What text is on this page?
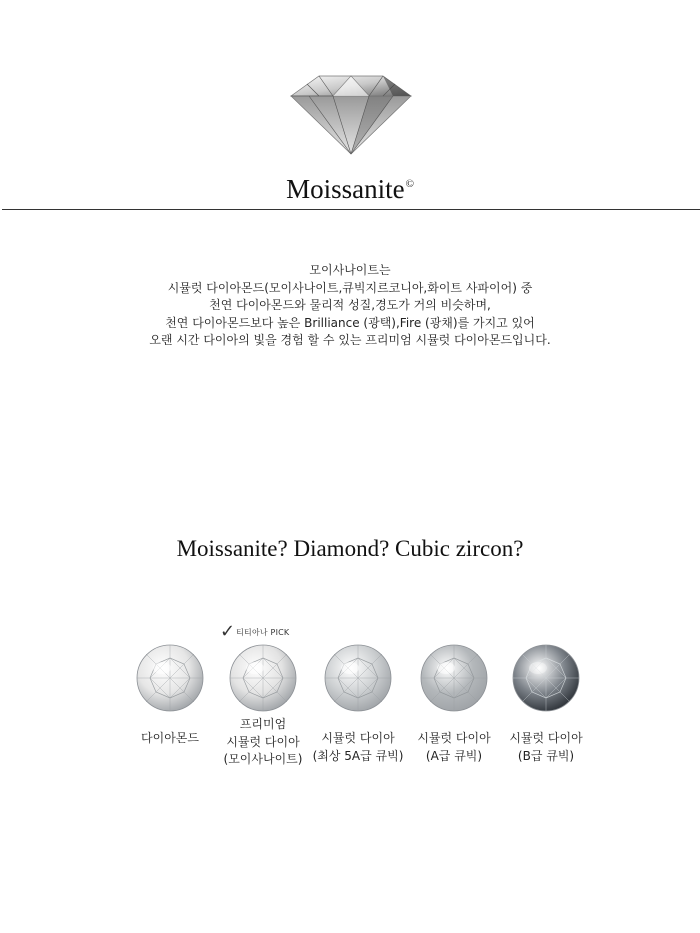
Moissanite©
모이사나이트는
시뮬럿 다이아몬드(모이사나이트,큐빅지르코니아,화이트 사파이어) 중
천연 다이아몬드와 물리적 성질,경도가 거의 비슷하며,
천연 다이아몬드보다 높은 Brilliance (광택),Fire (광채)를 가지고 있어
오랜 시간 다이아의 빛을 경험 할 수 있는 프리미엄 시뮬럿 다이아몬드입니다.
Moissanite? Diamond? Cubic zircon?
✓티티아나 PICK
다이아몬드
프리미엄
시뮬럿 다이아
(모이사나이트)
시뮬럿 다이아
(최상 5A급 큐빅)
시뮬럿 다이아
(A급 큐빅)
시뮬럿 다이아
(B급 큐빅)
